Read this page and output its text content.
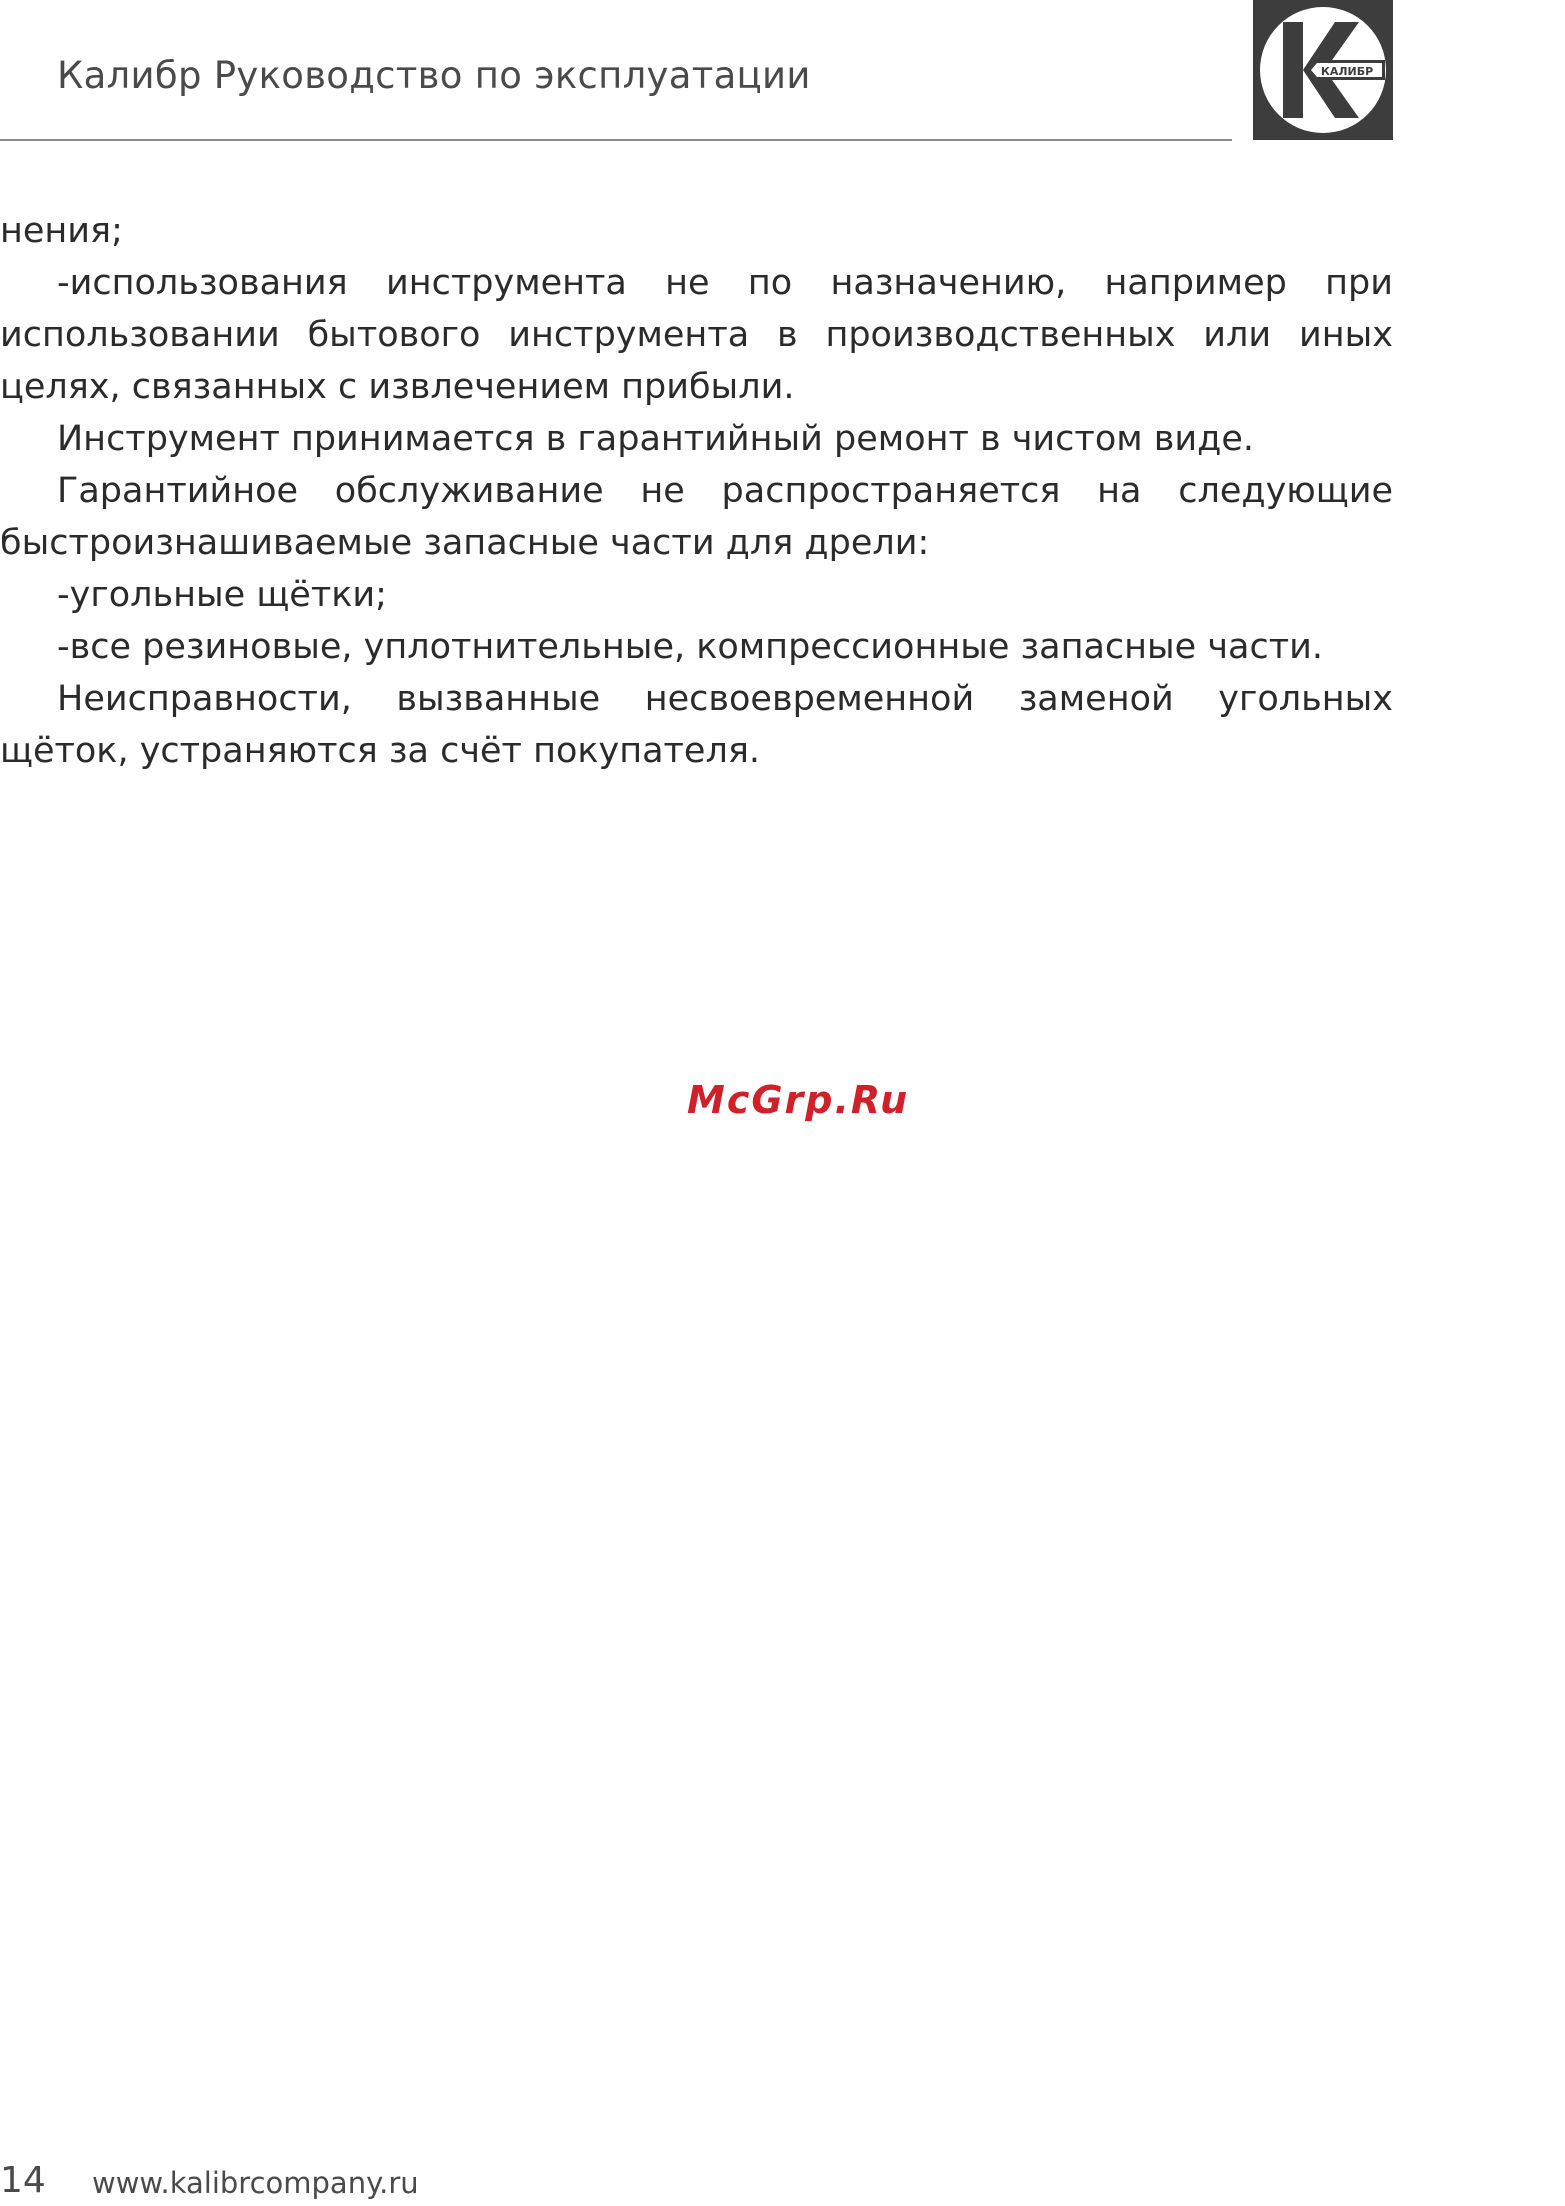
Калибр Руководство по эксплуатации	КАЛИБР

нения;

-использования инструмента не по назначению, например при использовании бытового инструмента в производственных или иных целях, связанных с извлечением прибыли.

Инструмент принимается в гарантийный ремонт в чистом виде.

Гарантийное обслуживание не распространяется на следующие быстроизнашиваемые запасные части для дрели:

-угольные щётки;

-все резиновые, уплотнительные, компрессионные запасные части.

Неисправности, вызванные несвоевременной заменой угольных щёток, устраняются за счёт покупателя.

McGrp.Ru
14 www.kalibrcompany.ru
